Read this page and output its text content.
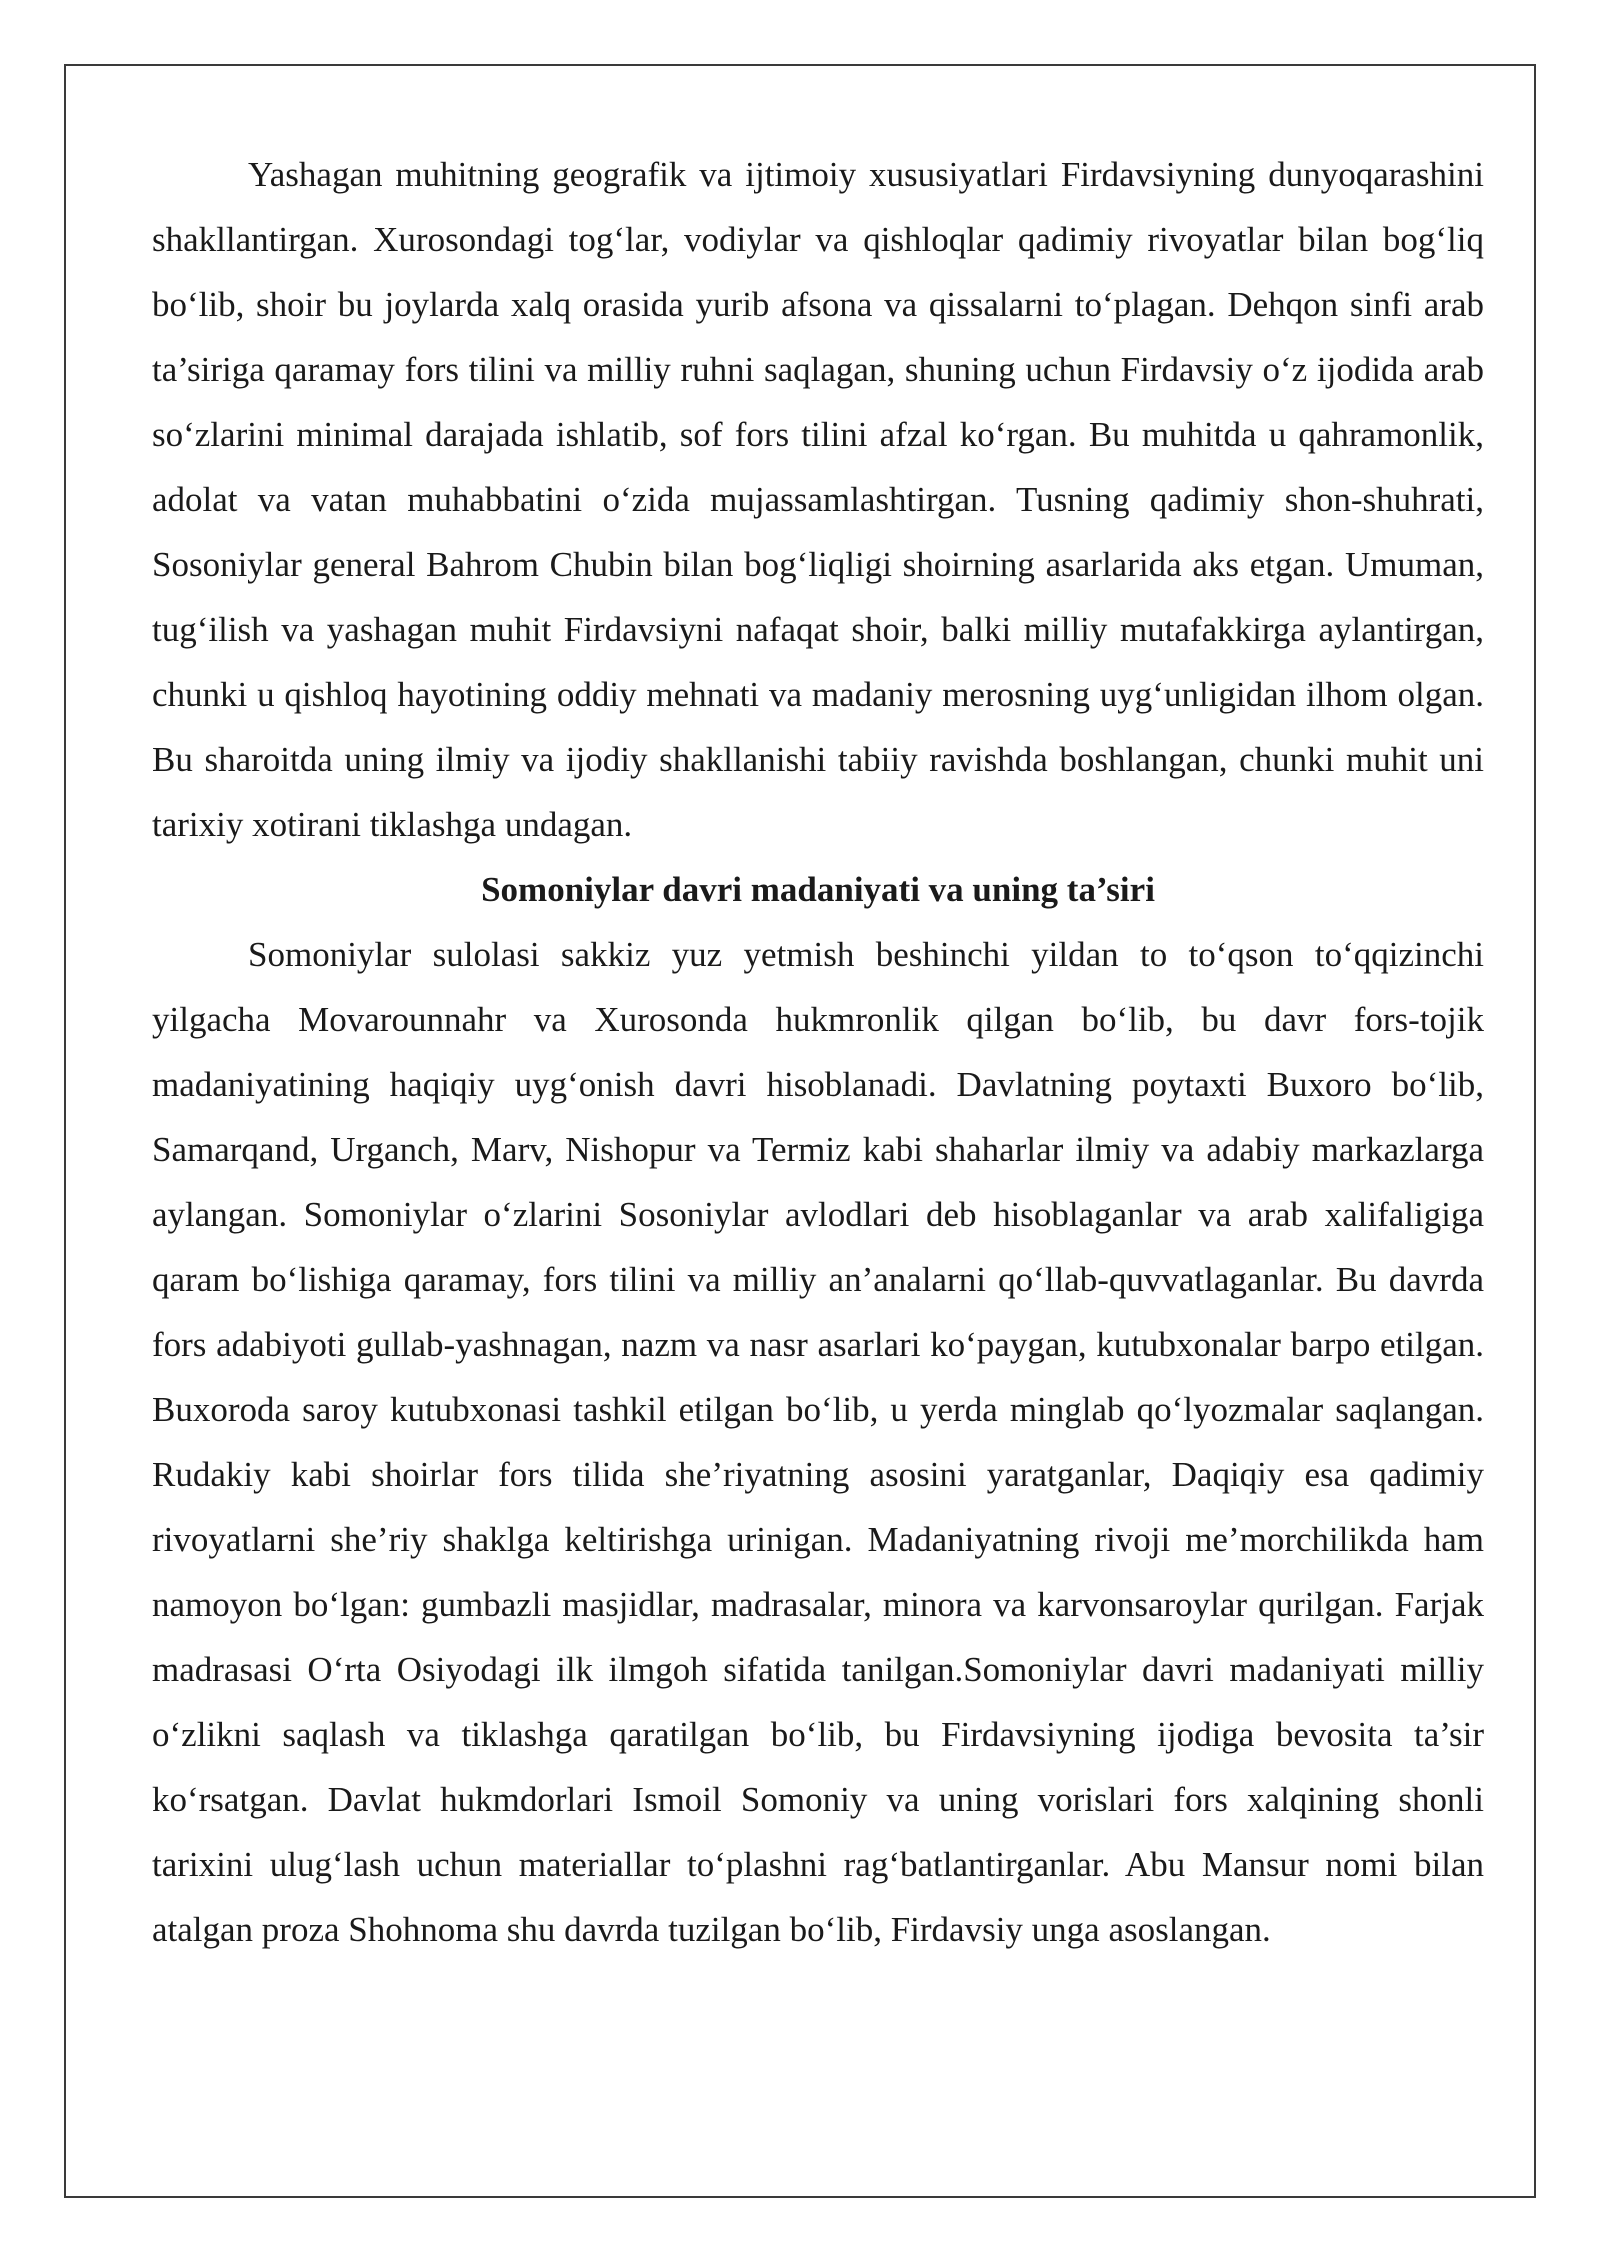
Yashagan muhitning geografik va ijtimoiy xususiyatlari Firdavsiyning dunyoqarashini shakllantirgan. Xurosondagi tog‘lar, vodiylar va qishloqlar qadimiy rivoyatlar bilan bog‘liq bo‘lib, shoir bu joylarda xalq orasida yurib afsona va qissalarni to‘plagan. Dehqon sinfi arab ta’siriga qaramay fors tilini va milliy ruhni saqlagan, shuning uchun Firdavsiy o‘z ijodida arab so‘zlarini minimal darajada ishlatib, sof fors tilini afzal ko‘rgan. Bu muhitda u qahramonlik, adolat va vatan muhabbatini o‘zida mujassamlashtirgan. Tusning qadimiy shon-shuhrati, Sosoniylar general Bahrom Chubin bilan bog‘liqligi shoirning asarlarida aks etgan. Umuman, tug‘ilish va yashagan muhit Firdavsiyni nafaqat shoir, balki milliy mutafakkirga aylantirgan, chunki u qishloq hayotining oddiy mehnati va madaniy merosning uyg‘unligidan ilhom olgan. Bu sharoitda uning ilmiy va ijodiy shakllanishi tabiiy ravishda boshlangan, chunki muhit uni tarixiy xotirani tiklashga undagan.

Somoniylar davri madaniyati va uning ta’siri

Somoniylar sulolasi sakkiz yuz yetmish beshinchi yildan to to‘qson to‘qqizinchi yilgacha Movarounnahr va Xurosonda hukmronlik qilgan bo‘lib, bu davr fors-tojik madaniyatining haqiqiy uyg‘onish davri hisoblanadi. Davlatning poytaxti Buxoro bo‘lib, Samarqand, Urganch, Marv, Nishopur va Termiz kabi shaharlar ilmiy va adabiy markazlarga aylangan. Somoniylar o‘zlarini Sosoniylar avlodlari deb hisoblaganlar va arab xalifaligiga qaram bo‘lishiga qaramay, fors tilini va milliy an’analarni qo‘llab-quvvatlaganlar. Bu davrda fors adabiyoti gullab-yashnagan, nazm va nasr asarlari ko‘paygan, kutubxonalar barpo etilgan. Buxoroda saroy kutubxonasi tashkil etilgan bo‘lib, u yerda minglab qo‘lyozmalar saqlangan. Rudakiy kabi shoirlar fors tilida she’riyatning asosini yaratganlar, Daqiqiy esa qadimiy rivoyatlarni she’riy shaklga keltirishga urinigan. Madaniyatning rivoji me’morchilikda ham namoyon bo‘lgan: gumbazli masjidlar, madrasalar, minora va karvonsaroylar qurilgan. Farjak madrasasi O‘rta Osiyodagi ilk ilmgoh sifatida tanilgan.Somoniylar davri madaniyati milliy o‘zlikni saqlash va tiklashga qaratilgan bo‘lib, bu Firdavsiyning ijodiga bevosita ta’sir ko‘rsatgan. Davlat hukmdorlari Ismoil Somoniy va uning vorislari fors xalqining shonli tarixini ulug‘lash uchun materiallar to‘plashni rag‘batlantirganlar. Abu Mansur nomi bilan atalgan proza Shohnoma shu davrda tuzilgan bo‘lib, Firdavsiy unga asoslangan.
